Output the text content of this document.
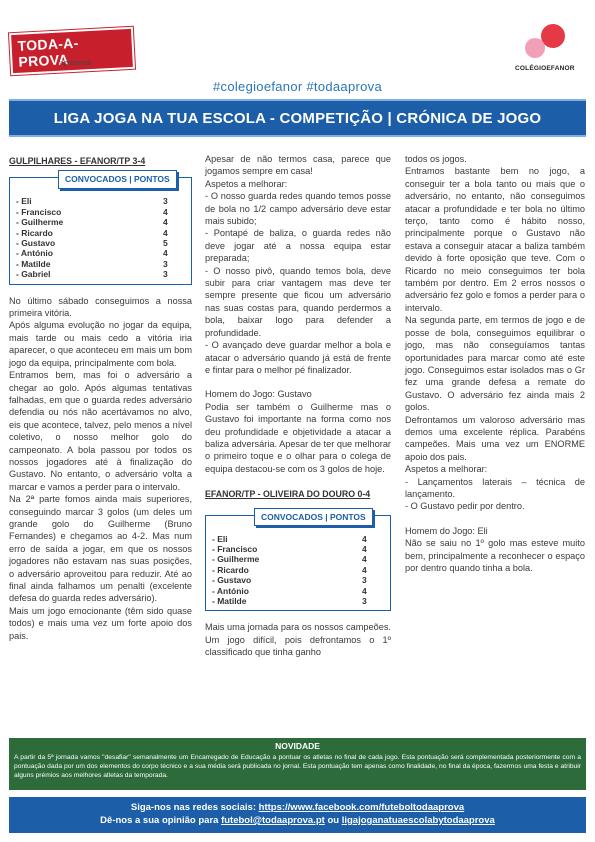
TODA-A-PROVA
apresenta
COLÉGIOEFANOR
#colegioefanor #todaaprova
LIGA JOGA NA TUA ESCOLA - COMPETIÇÃO | CRÓNICA DE JOGO
GULPILHARES - EFANOR/TP 3-4
CONVOCADOS | PONTOS
- Eli	3
- Francisco	4
- Guilherme	4
- Ricardo	4
- Gustavo	5
- António	4
- Matilde	3
- Gabriel	3

No último sábado conseguimos a nossa primeira vitória.

Após alguma evolução no jogar da equipa, mais tarde ou mais cedo a vitória iria aparecer, o que aconteceu em mais um bom jogo da equipa, principalmente com bola.

Entramos bem, mas foi o adversário a chegar ao golo. Após algumas tentativas falhadas, em que o guarda redes adversário defendia ou nós não acertávamos no alvo, eis que acontece, talvez, pelo menos a nível coletivo, o nosso melhor golo do campeonato. A bola passou por todos os nossos jogadores até à finalização do Gustavo. No entanto, o adversário volta a marcar e vamos a perder para o intervalo.

Na 2ª parte fomos ainda mais superiores, conseguindo marcar 3 golos (um deles um grande golo do Guilherme (Bruno Fernandes) e chegamos ao 4-2. Mas num erro de saída a jogar, em que os nossos jogadores não estavam nas suas posições, o adversário aproveitou para reduzir. Até ao final ainda falhamos um penalti (excelente defesa do guarda redes adversário).

Mais um jogo emocionante (têm sido quase todos) e mais uma vez um forte apoio dos pais.

Apesar de não termos casa, parece que jogamos sempre em casa!

Aspetos a melhorar:

- O nosso guarda redes quando temos posse de bola no 1/2 campo adversário deve estar mais subido;

- Pontapé de baliza, o guarda redes não deve jogar até a nossa equipa estar preparada;

- O nosso pivô, quando temos bola, deve subir para criar vantagem mas deve ter sempre presente que ficou um adversário nas suas costas para, quando perdermos a bola, baixar logo para defender a profundidade.

- O avançado deve guardar melhor a bola e atacar o adversário quando já está de frente e fintar para o melhor pé finalizador.

Homem do Jogo: Gustavo

Podia ser também o Guilherme mas o Gustavo foi importante na forma como nos deu profundidade e objetividade a atacar a baliza adversária. Apesar de ter que melhorar o primeiro toque e o olhar para o colega de equipa destacou-se com os 3 golos de hoje.

EFANOR/TP - OLIVEIRA DO DOURO 0-4
CONVOCADOS | PONTOS
- Eli	4
- Francisco	4
- Guilherme	4
- Ricardo	4
- Gustavo	3
- António	4
- Matilde	3

Mais uma jornada para os nossos campeões. Um jogo difícil, pois defrontamos o 1º classificado que tinha ganho

todos os jogos.

Entramos bastante bem no jogo, a conseguir ter a bola tanto ou mais que o adversário, no entanto, não conseguimos atacar a profundidade e ter bola no último terço, tanto como é hábito nosso, principalmente porque o Gustavo não estava a conseguir atacar a baliza também devido à forte oposição que teve. Com o Ricardo no meio conseguimos ter bola também por dentro. Em 2 erros nossos o adversário fez golo e fomos a perder para o intervalo.

Na segunda parte, em termos de jogo e de posse de bola, conseguimos equilibrar o jogo, mas não conseguíamos tantas oportunidades para marcar como até este jogo. Conseguimos estar isolados mas o Gr fez uma grande defesa a remate do Gustavo. O adversário fez ainda mais 2 golos.

Defrontamos um valoroso adversário mas demos uma excelente réplica. Parabéns campeões. Mais uma vez um ENORME apoio dos pais.

Aspetos a melhorar:

- Lançamentos laterais – técnica de lançamento.

- O Gustavo pedir por dentro.

Homem do Jogo: Eli

Não se saiu no 1º golo mas esteve muito bem, principalmente a reconhecer o espaço por dentro quando tinha a bola.

NOVIDADE
A partir da 5ª jornada vamos "desafiar" semanalmente um Encarregado de Educação a pontuar os atletas no final de cada jogo. Esta pontuação será complementada posteriormente com a pontuação dada por um dos elementos do corpo técnico e a sua média será publicada no jornal. Esta pontuação tem apenas como finalidade, no final da época, fazermos uma festa e atribuir alguns prémios aos melhores atletas da temporada.
Siga-nos nas redes sociais: https://www.facebook.com/futeboltodaaprova
Dê-nos a sua opinião para futebol@todaaprova.pt ou ligajoganatuaescolabytodaaprova
